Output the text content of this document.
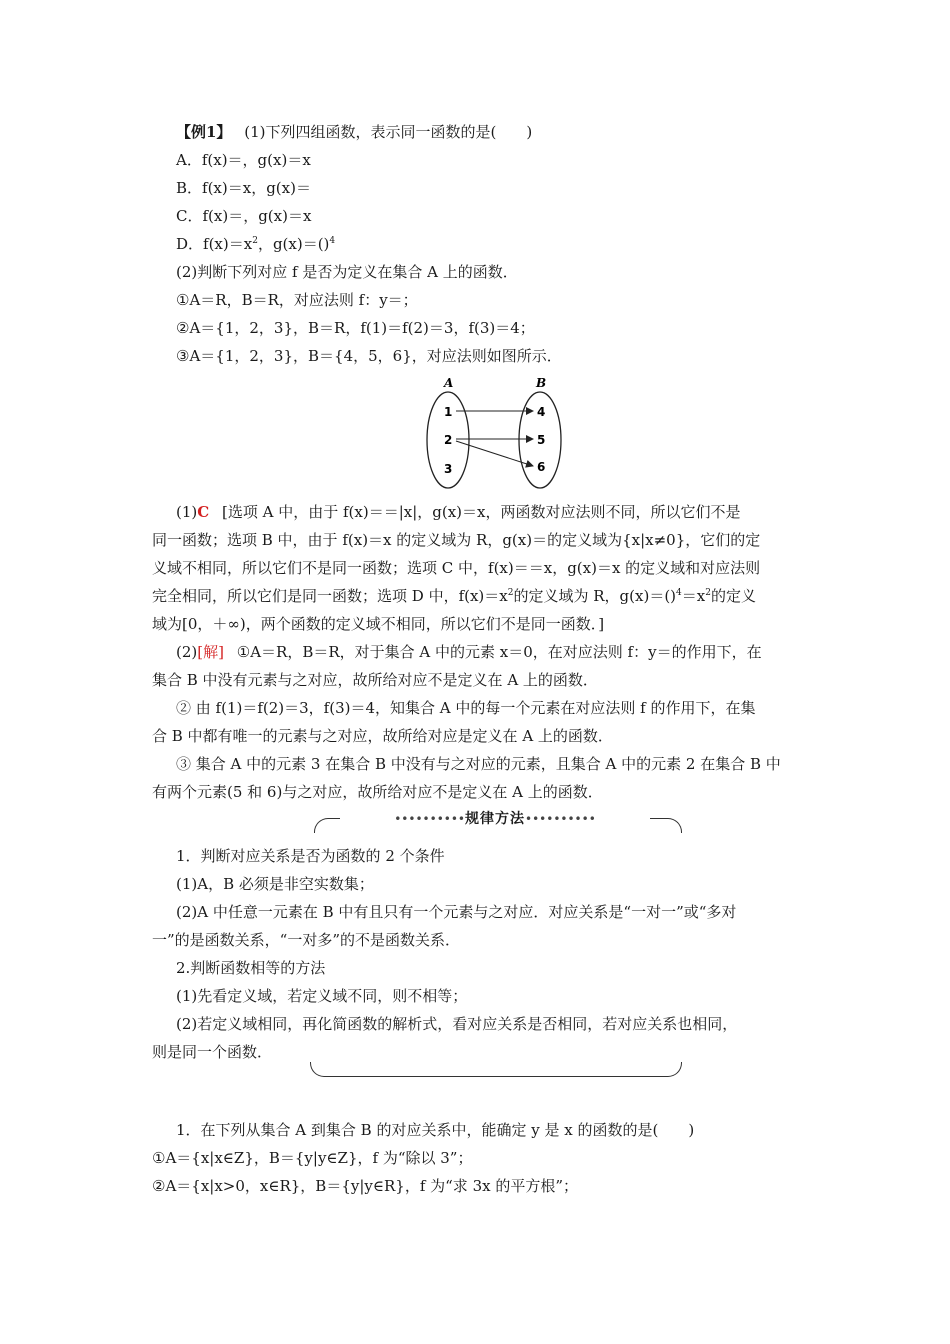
【例1】 (1)下列四组函数，表示同一函数的是(　　)
A．f(x)＝，g(x)＝x
B．f(x)＝x，g(x)＝
C．f(x)＝，g(x)＝x
D．$f(x)=x^2$，g(x)＝()$^4$
(2)判断下列对应 f 是否为定义在集合 A 上的函数．
①A＝R，B＝R，对应法则 f：y＝；
②A＝{1，2，3}，B＝R，f(1)＝f(2)＝3，f(3)＝4；
③A＝{1，2，3}，B＝{4，5，6}，对应法则如图所示．
A	B
1
2
3
4
5
6
(1)C [选项 A 中，由于 f(x)＝＝|x|，g(x)＝x，两函数对应法则不同，所以它们不是
同一函数；选项 B 中，由于 f(x)＝x 的定义域为 R，g(x)＝的定义域为{x|x≠0}，它们的定
义域不相同，所以它们不是同一函数；选项 C 中，f(x)＝＝x，g(x)＝x 的定义域和对应法则
完全相同，所以它们是同一函数；选项 D 中，$f(x)=x^2$的定义域为 R，$g(x)=()^4=x^2$的定义
域为[0，＋∞)，两个函数的定义域不相同，所以它们不是同一函数．]
(2)[解] ①A＝R，B＝R，对于集合 A 中的元素 x＝0，在对应法则 f：y＝的作用下，在
集合 B 中没有元素与之对应，故所给对应不是定义在 A 上的函数．
② 由 f(1)＝f(2)＝3，f(3)＝4，知集合 A 中的每一个元素在对应法则 f 的作用下，在集
合 B 中都有唯一的元素与之对应，故所给对应是定义在 A 上的函数．
③ 集合 A 中的元素 3 在集合 B 中没有与之对应的元素，且集合 A 中的元素 2 在集合 B 中
有两个元素(5 和 6)与之对应，故所给对应不是定义在 A 上的函数．
••••••••••规律方法••••••••••
1．判断对应关系是否为函数的 2 个条件
(1)A，B 必须是非空实数集；
(2)A 中任意一元素在 B 中有且只有一个元素与之对应．对应关系是“一对一”或“多对
一”的是函数关系，“一对多”的不是函数关系．
2.判断函数相等的方法
(1)先看定义域，若定义域不同，则不相等；
(2)若定义域相同，再化简函数的解析式，看对应关系是否相同，若对应关系也相同，
则是同一个函数．
1．在下列从集合 A 到集合 B 的对应关系中，能确定 y 是 x 的函数的是(　　)
①A＝{x|x∈Z}，B＝{y|y∈Z}，f 为“除以 3”；
②A＝{x|x>0，x∈R}，B＝{y|y∈R}，f 为“求 3x 的平方根”；
